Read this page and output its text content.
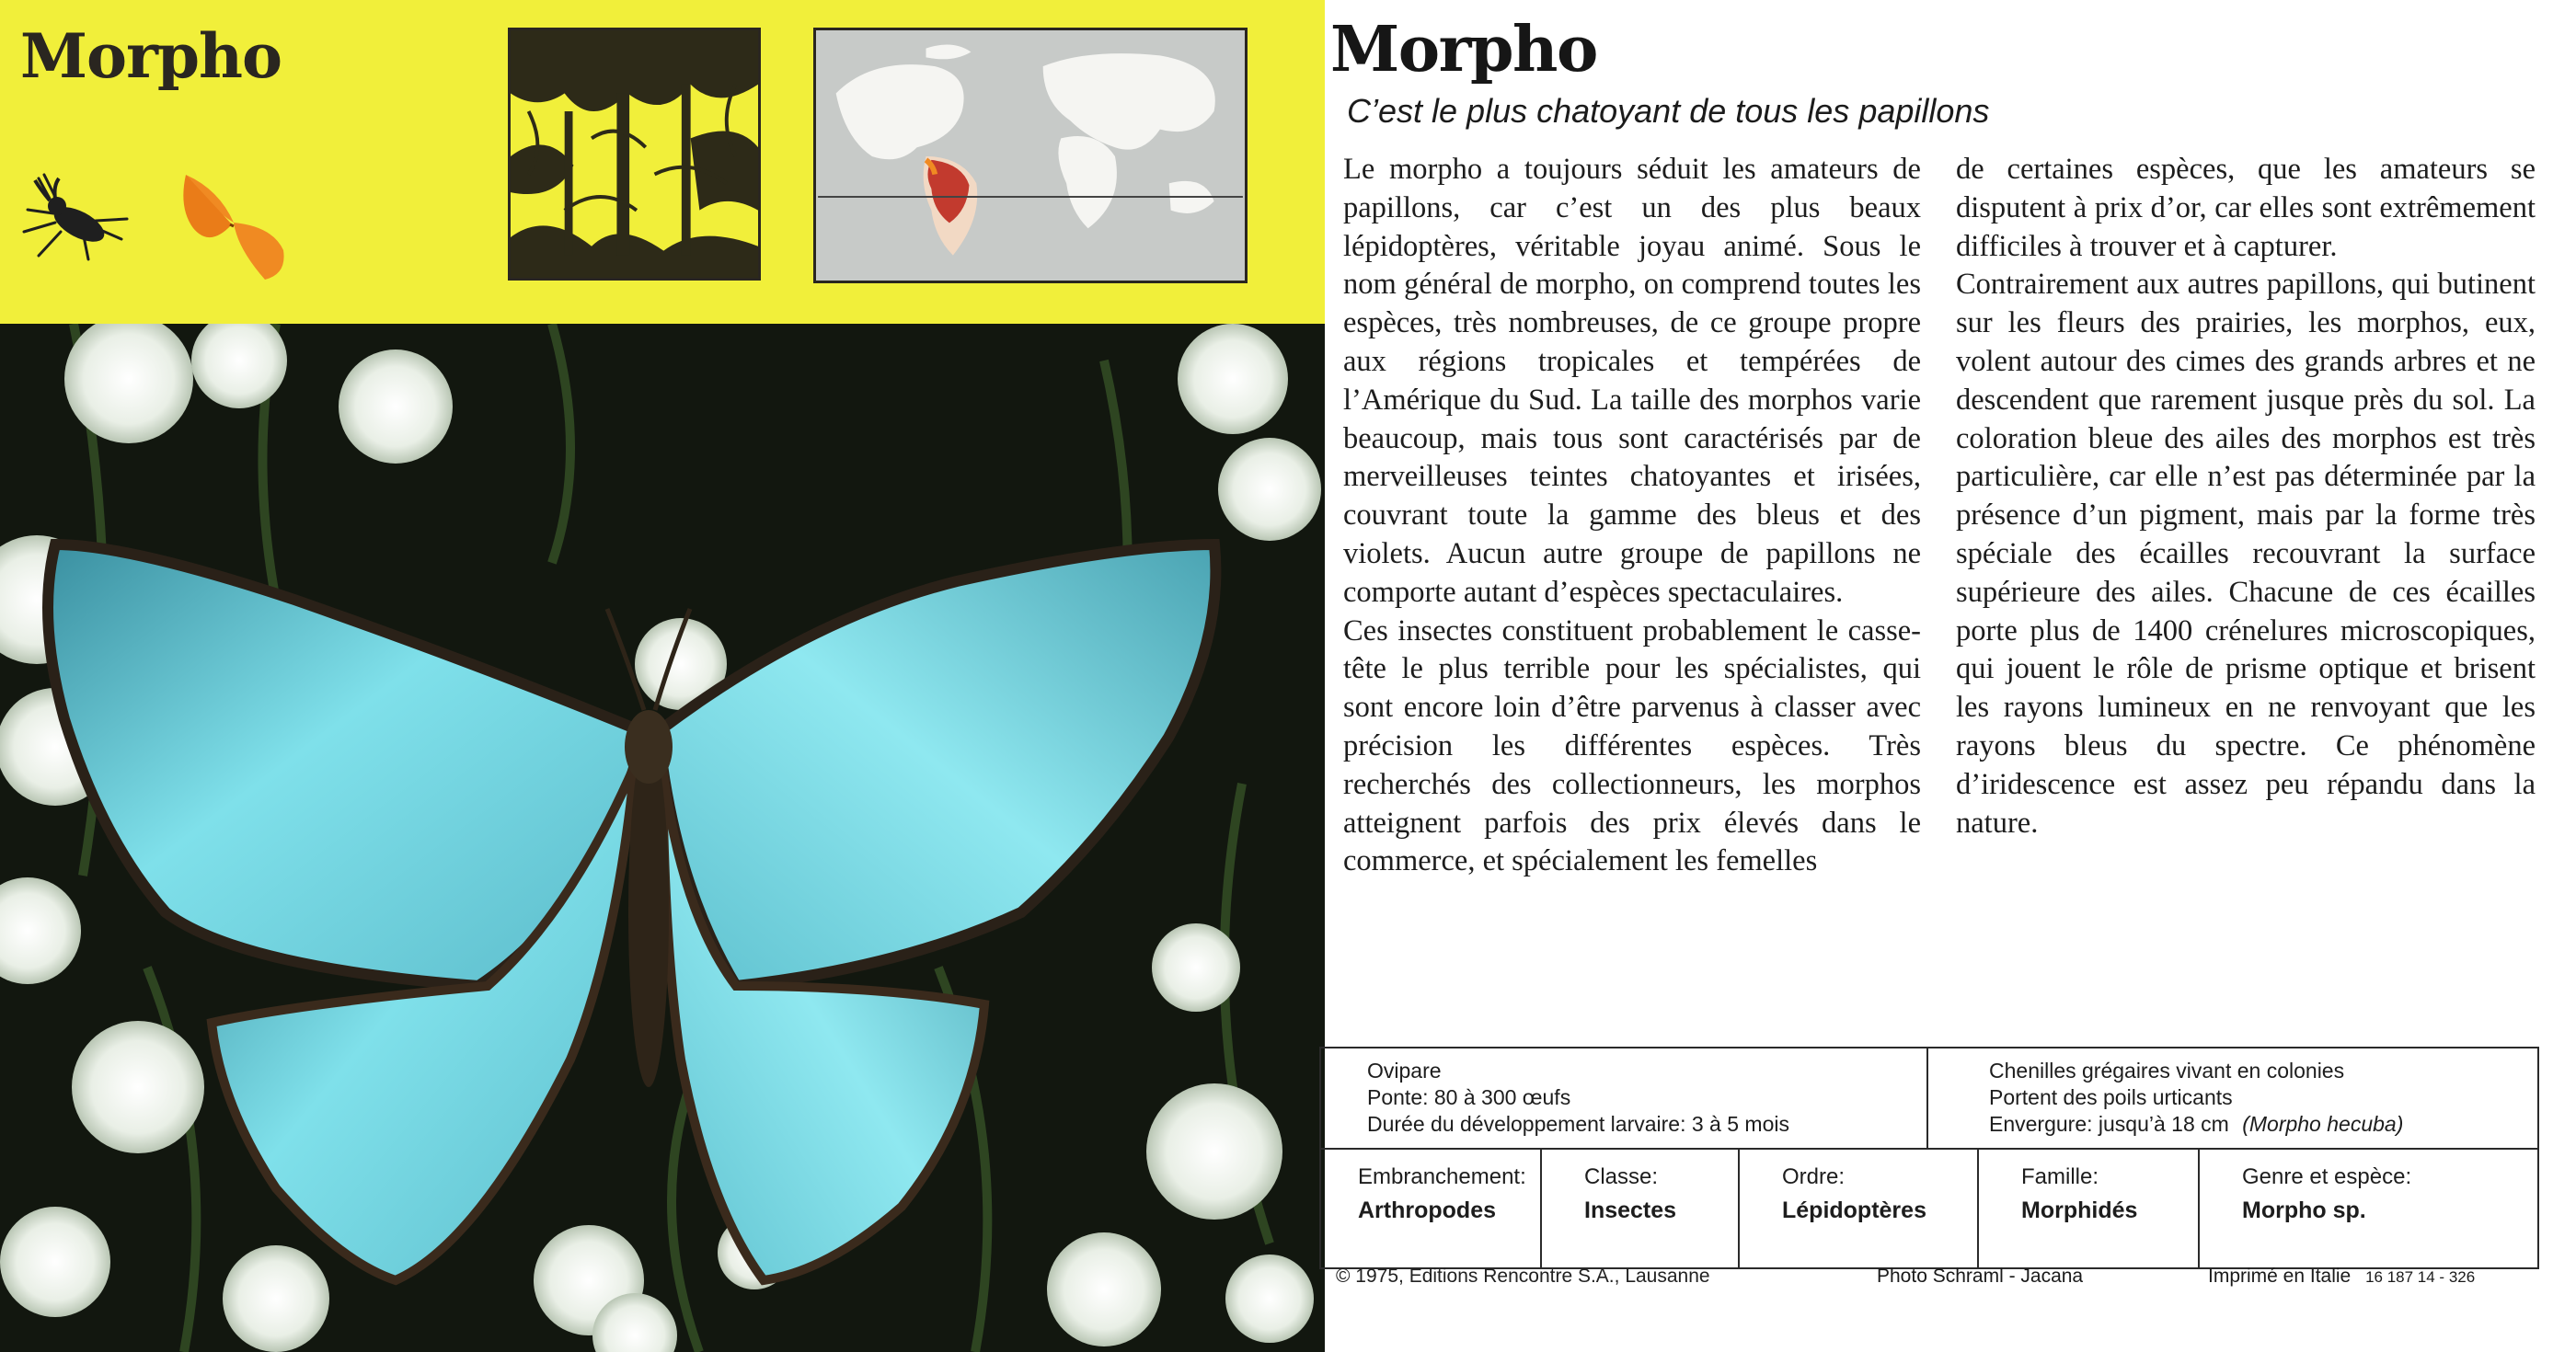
Morpho	Morpho
C’est le plus chatoyant de tous les papillons

Le morpho a toujours séduit les amateurs de papillons, car c’est un des plus beaux lépidoptères, véritable joyau animé. Sous le nom général de morpho, on comprend toutes les espèces, très nombreuses, de ce groupe propre aux régions tropicales et tempérées de l’Amérique du Sud. La taille des morphos varie beaucoup, mais tous sont caractérisés par de merveilleuses teintes chatoyantes et irisées, couvrant toute la gamme des bleus et des violets. Aucun autre groupe de papillons ne comporte autant d’espèces spectaculaires.

Ces insectes constituent probablement le casse-tête le plus terrible pour les spécialistes, qui sont encore loin d’être parvenus à classer avec précision les différentes espèces. Très recherchés des collectionneurs, les morphos atteignent parfois des prix élevés dans le commerce, et spécialement les femelles

de certaines espèces, que les amateurs se disputent à prix d’or, car elles sont extrêmement difficiles à trouver et à capturer.

Contrairement aux autres papillons, qui butinent sur les fleurs des prairies, les morphos, eux, volent autour des cimes des grands arbres et ne descendent que rarement jusque près du sol. La coloration bleue des ailes des morphos est très particulière, car elle n’est pas déterminée par la présence d’un pigment, mais par la forme très spéciale des écailles recouvrant la surface supérieure des ailes. Chacune de ces écailles porte plus de 1400 crénelures microscopiques, qui jouent le rôle de prisme optique et brisent les rayons lumineux en ne renvoyant que les rayons bleus du spectre. Ce phénomène d’iridescence est assez peu répandu dans la nature.

Ovipare
Ponte: 80 à 300 œufs
Durée du développement larvaire: 3 à 5 mois
Chenilles grégaires vivant en colonies
Portent des poils urticants
Envergure: jusqu’à 18 cm (Morpho hecuba)
Embranchement:
Arthropodes
Classe:
Insectes
Ordre:
Lépidoptères
Famille:
Morphidés
Genre et espèce:
Morpho sp.
© 1975, Editions Rencontre S.A., Lausanne	Photo Schraml - Jacana	Imprimé en Italie 16 187 14 - 326
